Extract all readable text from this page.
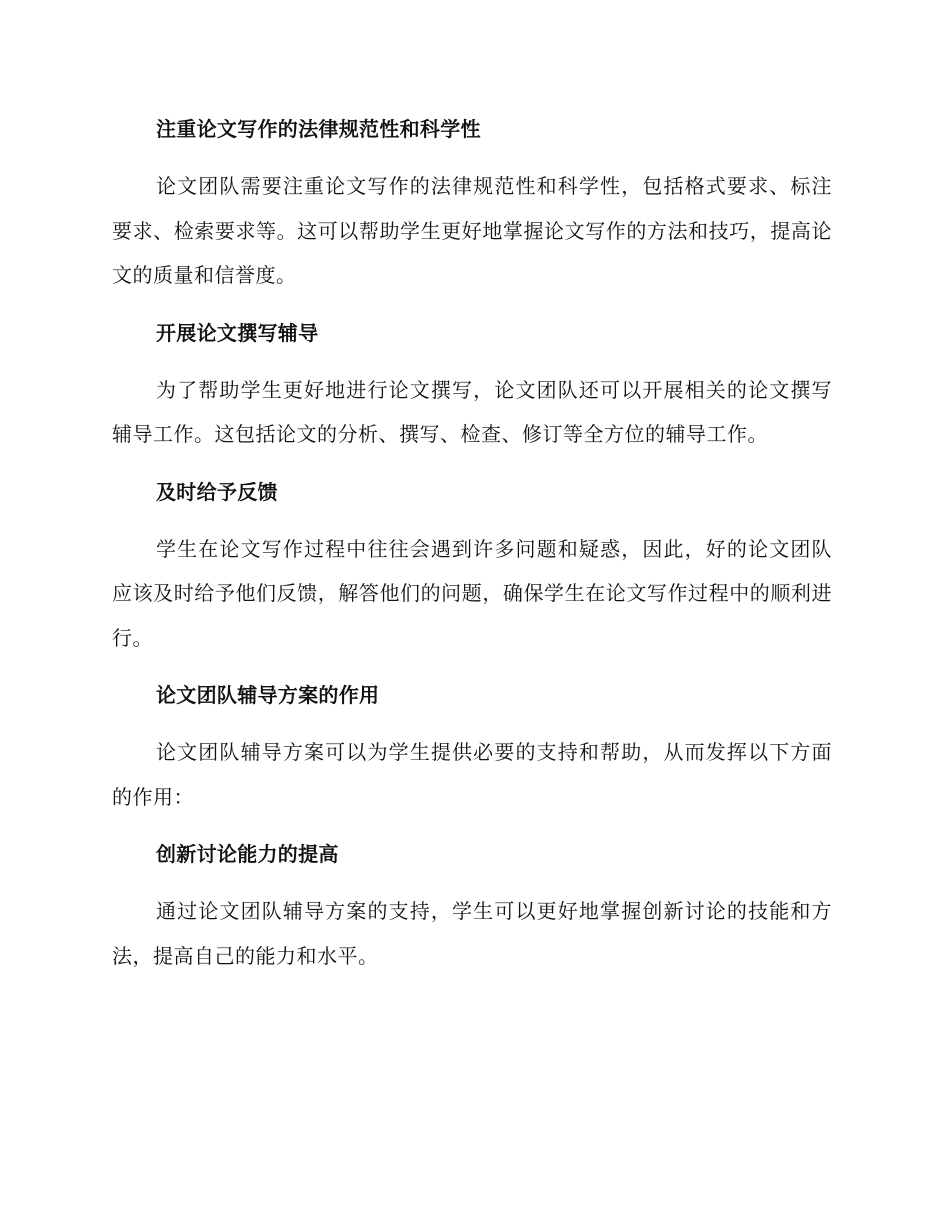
注重论文写作的法律规范性和科学性

论文团队需要注重论文写作的法律规范性和科学性，包括格式要求、标注要求、检索要求等。这可以帮助学生更好地掌握论文写作的方法和技巧，提高论文的质量和信誉度。

开展论文撰写辅导

为了帮助学生更好地进行论文撰写，论文团队还可以开展相关的论文撰写辅导工作。这包括论文的分析、撰写、检查、修订等全方位的辅导工作。

及时给予反馈

学生在论文写作过程中往往会遇到许多问题和疑惑，因此，好的论文团队应该及时给予他们反馈，解答他们的问题，确保学生在论文写作过程中的顺利进行。

论文团队辅导方案的作用

论文团队辅导方案可以为学生提供必要的支持和帮助，从而发挥以下方面的作用：

创新讨论能力的提高

通过论文团队辅导方案的支持，学生可以更好地掌握创新讨论的技能和方法，提高自己的能力和水平。
